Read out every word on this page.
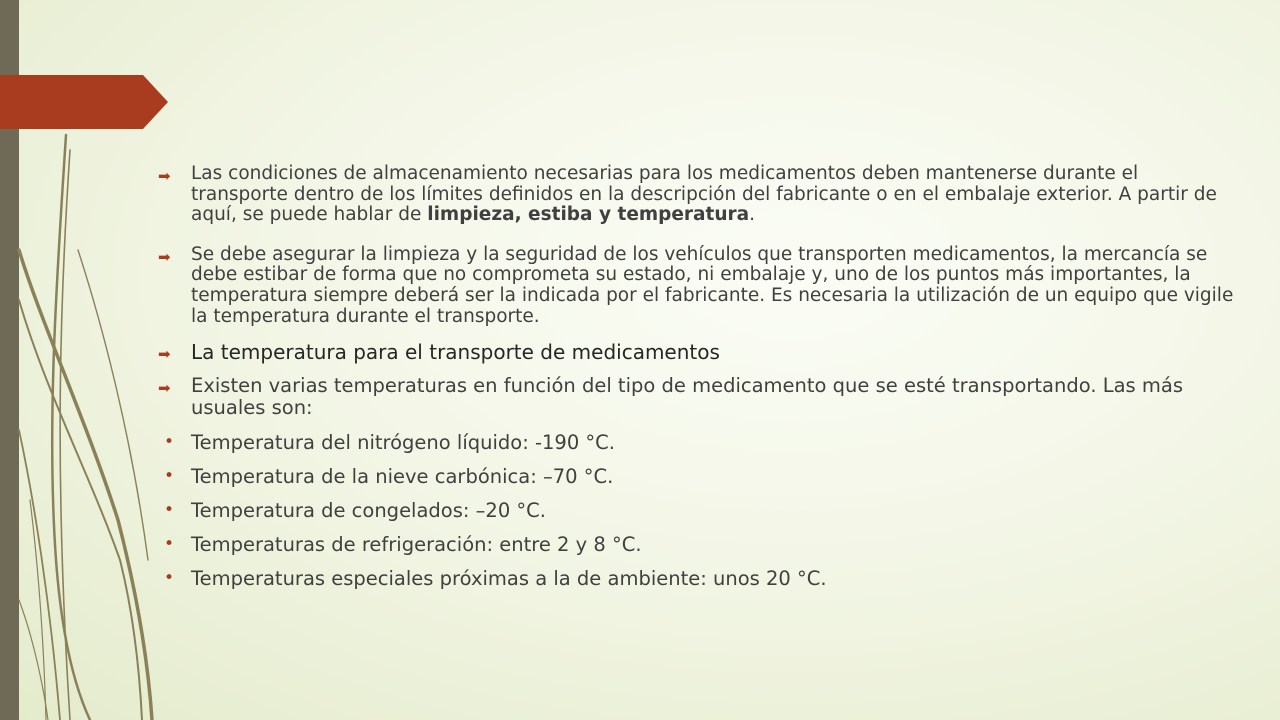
➡ Las condiciones de almacenamiento necesarias para los medicamentos deben mantenerse durante el transporte dentro de los límites definidos en la descripción del fabricante o en el embalaje exterior. A partir de aquí, se puede hablar de limpieza, estiba y temperatura.
➡ Se debe asegurar la limpieza y la seguridad de los vehículos que transporten medicamentos, la mercancía se debe estibar de forma que no comprometa su estado, ni embalaje y, uno de los puntos más importantes, la temperatura siempre deberá ser la indicada por el fabricante. Es necesaria la utilización de un equipo que vigile la temperatura durante el transporte.
➡ La temperatura para el transporte de medicamentos
➡ Existen varias temperaturas en función del tipo de medicamento que se esté transportando. Las más usuales son:
• Temperatura del nitrógeno líquido: -190 °C.
• Temperatura de la nieve carbónica: –70 °C.
• Temperatura de congelados: –20 °C.
• Temperaturas de refrigeración: entre 2 y 8 °C.
• Temperaturas especiales próximas a la de ambiente: unos 20 °C.
